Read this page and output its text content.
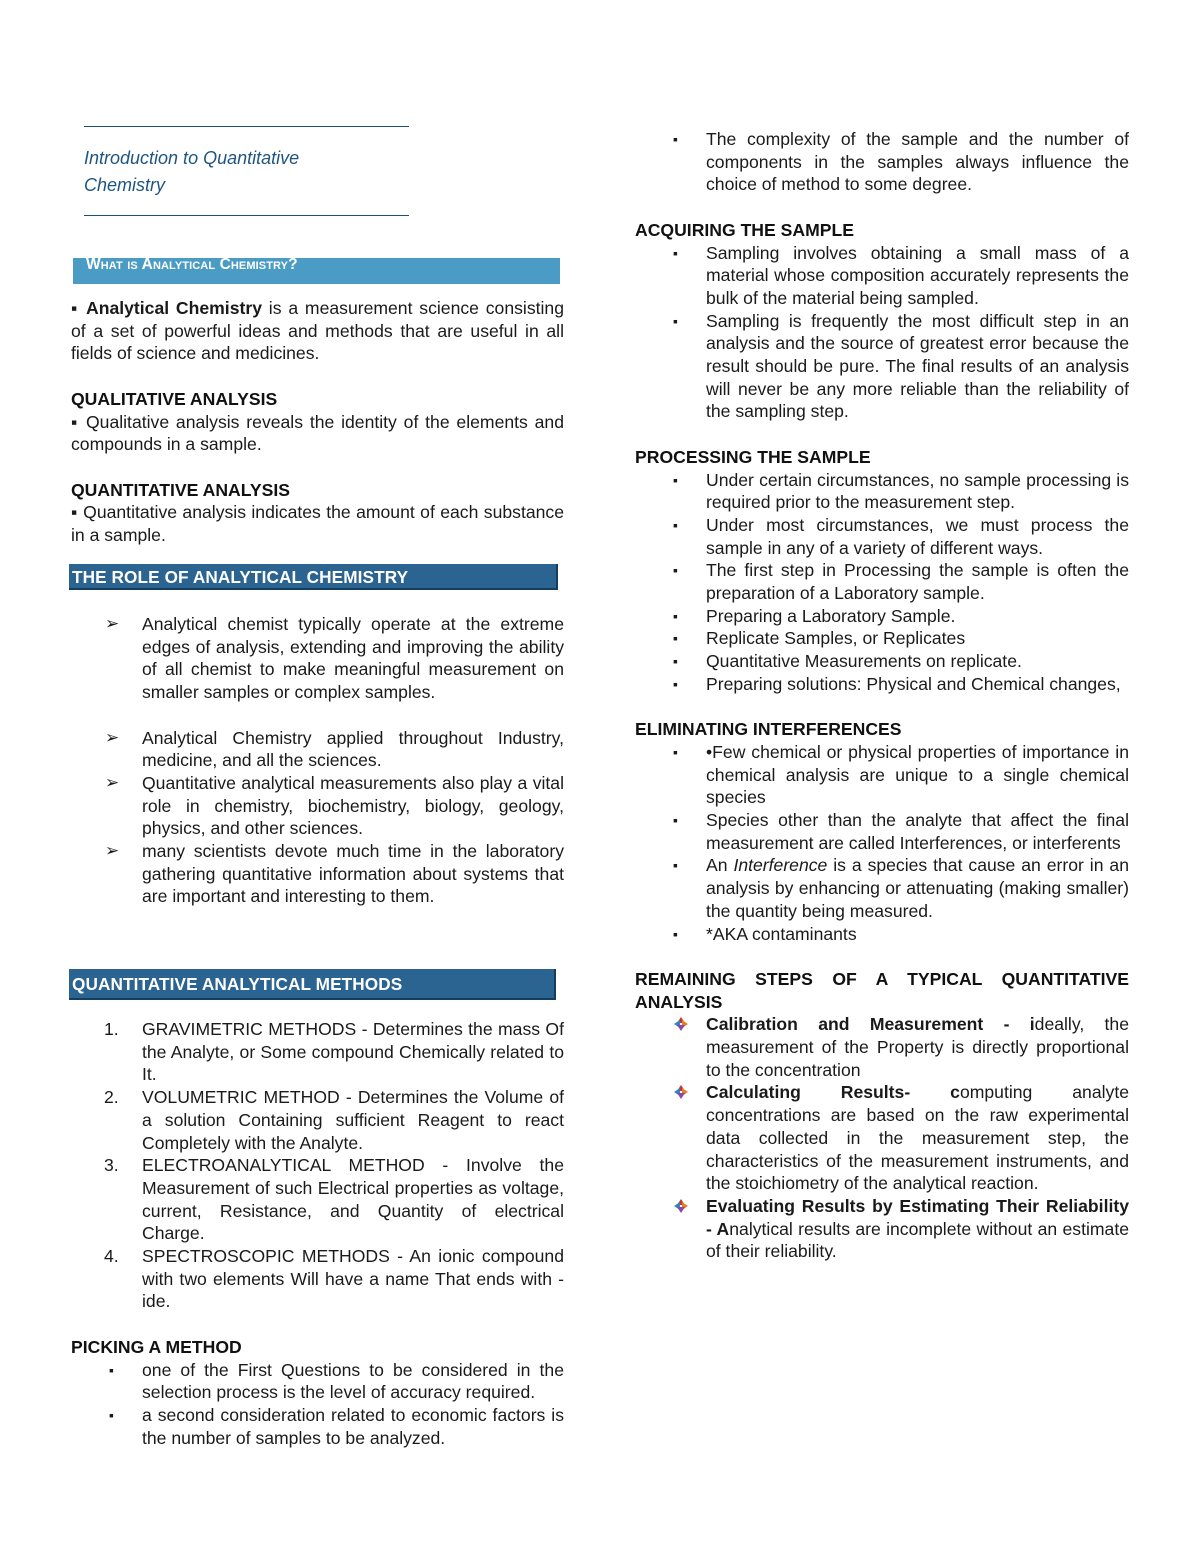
Introduction to Quantitative
Chemistry
What is Analytical Chemistry?

▪ Analytical Chemistry is a measurement science consisting of a set of powerful ideas and methods that are useful in all fields of science and medicines.

QUALITATIVE ANALYSIS

▪ Qualitative analysis reveals the identity of the elements and compounds in a sample.

QUANTITATIVE ANALYSIS

▪ Quantitative analysis indicates the amount of each substance in a sample.

THE ROLE OF ANALYTICAL CHEMISTRY
➢ Analytical chemist typically operate at the extreme edges of analysis, extending and improving the ability of all chemist to make meaningful measurement on smaller samples or complex samples.
➢ Analytical Chemistry applied throughout Industry, medicine, and all the sciences.
➢ Quantitative analytical measurements also play a vital role in chemistry, biochemistry, biology, geology, physics, and other sciences.
➢ many scientists devote much time in the laboratory gathering quantitative information about systems that are important and interesting to them.
QUANTITATIVE ANALYTICAL METHODS
1. GRAVIMETRIC METHODS - Determines the mass Of the Analyte, or Some compound Chemically related to It.
2. VOLUMETRIC METHOD - Determines the Volume of a solution Containing sufficient Reagent to react Completely with the Analyte.
3. ELECTROANALYTICAL METHOD - Involve the Measurement of such Electrical properties as voltage, current, Resistance, and Quantity of electrical Charge.
4. SPECTROSCOPIC METHODS - An ionic compound with two elements Will have a name That ends with -ide.
PICKING A METHOD
▪ one of the First Questions to be considered in the selection process is the level of accuracy required.
▪ a second consideration related to economic factors is the number of samples to be analyzed.
▪ The complexity of the sample and the number of components in the samples always influence the choice of method to some degree.
ACQUIRING THE SAMPLE
▪ Sampling involves obtaining a small mass of a material whose composition accurately represents the bulk of the material being sampled.
▪ Sampling is frequently the most difficult step in an analysis and the source of greatest error because the result should be pure. The final results of an analysis will never be any more reliable than the reliability of the sampling step.
PROCESSING THE SAMPLE
▪ Under certain circumstances, no sample processing is required prior to the measurement step.
▪ Under most circumstances, we must process the sample in any of a variety of different ways.
▪ The first step in Processing the sample is often the preparation of a Laboratory sample.
▪ Preparing a Laboratory Sample.
▪ Replicate Samples, or Replicates
▪ Quantitative Measurements on replicate.
▪ Preparing solutions: Physical and Chemical changes,
ELIMINATING INTERFERENCES
▪ •Few chemical or physical properties of importance in chemical analysis are unique to a single chemical species
▪ Species other than the analyte that affect the final measurement are called Interferences, or interferents
▪ An Interference is a species that cause an error in an analysis by enhancing or attenuating (making smaller) the quantity being measured.
▪ *AKA contaminants
REMAINING STEPS OF A TYPICAL QUANTITATIVE ANALYSIS
Calibration and Measurement - ideally, the measurement of the Property is directly proportional to the concentration
Calculating Results- computing analyte concentrations are based on the raw experimental data collected in the measurement step, the characteristics of the measurement instruments, and the stoichiometry of the analytical reaction.
Evaluating Results by Estimating Their Reliability - Analytical results are incomplete without an estimate of their reliability.
